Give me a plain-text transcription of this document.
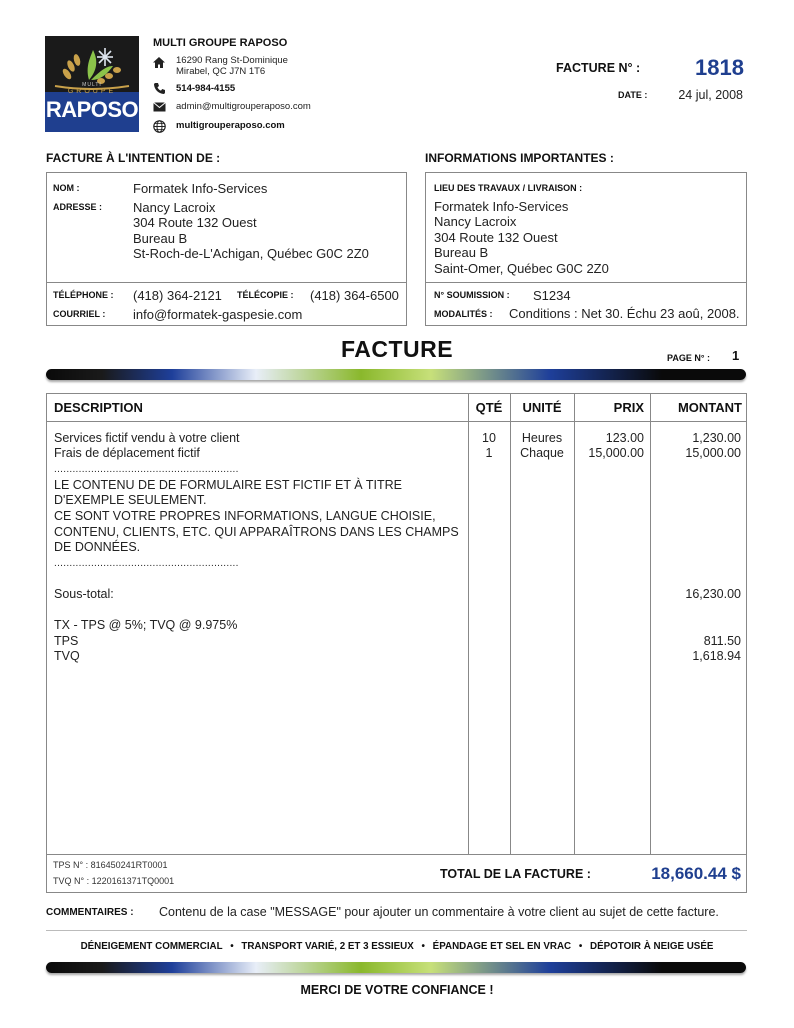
MULTI
GROUPE
RAPOSO
MULTI GROUPE RAPOSO
16290 Rang St-Dominique
Mirabel, QC J7N 1T6
514-984-4155
admin@multigrouperaposo.com
multigrouperaposo.com
FACTURE N° : 1818
DATE : 24 jul, 2008
FACTURE À L'INTENTION DE :	INFORMATIONS IMPORTANTES :
NOM :	Formatek Info-Services
ADRESSE : Nancy Lacroix
304 Route 132 Ouest
Bureau B
St-Roch-de-L'Achigan, Québec G0C 2Z0
TÉLÉPHONE : (418) 364-2121 TÉLÉCOPIE : (418) 364-6500
COURRIEL : info@formatek-gaspesie.com
LIEU DES TRAVAUX / LIVRAISON :
Formatek Info-Services
Nancy Lacroix
304 Route 132 Ouest
Bureau B
Saint-Omer, Québec G0C 2Z0
N° SOUMISSION : S1234
MODALITÉS : Conditions : Net 30. Échu 23 aoû, 2008.
FACTURE	PAGE N° : 1
DESCRIPTION	QTÉ	UNITÉ	PRIX	MONTANT
Services fictif vendu à votre client	10	Heures	123.00	1,230.00
Frais de déplacement fictif	1	Chaque	15,000.00	15,000.00
............................................................
LE CONTENU DE DE FORMULAIRE EST FICTIF ET À TITRE
D'EXEMPLE SEULEMENT.
CE SONT VOTRE PROPRES INFORMATIONS, LANGUE CHOISIE,
CONTENU, CLIENTS, ETC. QUI APPARAÎTRONS DANS LES CHAMPS
DE DONNÉES.
............................................................
Sous-total:	16,230.00
TX - TPS @ 5%; TVQ @ 9.975%
TPS	811.50
TVQ	1,618.94
TPS N° : 816450241RT0001
TVQ N° : 1220161371TQ0001	TOTAL DE LA FACTURE :	18,660.44 $
COMMENTAIRES : Contenu de la case "MESSAGE" pour ajouter un commentaire à votre client au sujet de cette facture.
DÉNEIGEMENT COMMERCIAL • TRANSPORT VARIÉ, 2 ET 3 ESSIEUX • ÉPANDAGE ET SEL EN VRAC • DÉPOTOIR À NEIGE USÉE
MERCI DE VOTRE CONFIANCE !
